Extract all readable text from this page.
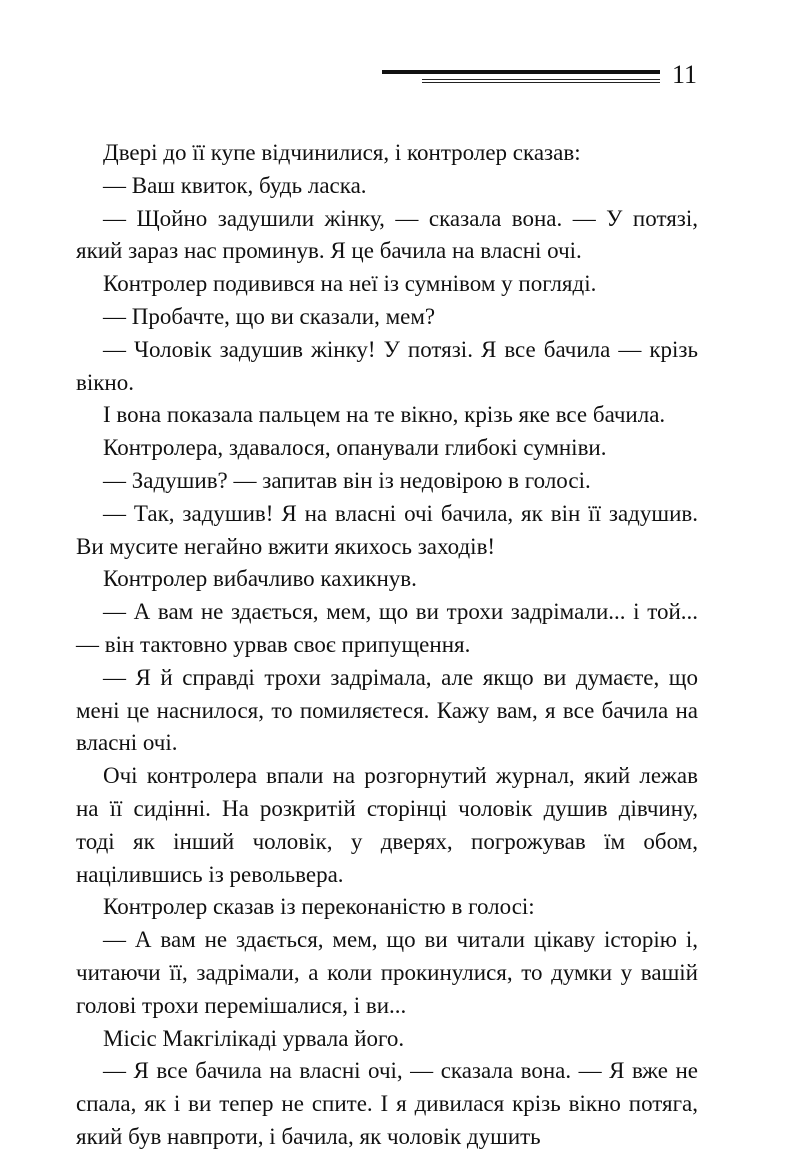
11

Двері до її купе відчинилися, і контролер сказав:

— Ваш квиток, будь ласка.

— Щойно задушили жінку, — сказала вона. — У потязі, який зараз нас проминув. Я це бачила на власні очі.

Контролер подивився на неї із сумнівом у погляді.

— Пробачте, що ви сказали, мем?

— Чоловік задушив жінку! У потязі. Я все бачила — крізь вікно.

І вона показала пальцем на те вікно, крізь яке все бачила.

Контролера, здавалося, опанували глибокі сумніви.

— Задушив? — запитав він із недовірою в голосі.

— Так, задушив! Я на власні очі бачила, як він її задушив. Ви мусите негайно вжити якихось заходів!

Контролер вибачливо кахикнув.

— А вам не здається, мем, що ви трохи задрімали... і той... — він тактовно урвав своє припущення.

— Я й справді трохи задрімала, але якщо ви думаєте, що мені це наснилося, то помиляєтеся. Кажу вам, я все бачила на власні очі.

Очі контролера впали на розгорнутий журнал, який лежав на її сидінні. На розкритій сторінці чоловік душив дівчину, тоді як інший чоловік, у дверях, погрожував їм обом, націлившись із револьвера.

Контролер сказав із переконаністю в голосі:

— А вам не здається, мем, що ви читали цікаву історію і, читаючи її, задрімали, а коли прокинулися, то думки у вашій голові трохи перемішалися, і ви...

Місіс Макгілікаді урвала його.

— Я все бачила на власні очі, — сказала вона. — Я вже не спала, як і ви тепер не спите. І я дивилася крізь вікно потяга, який був навпроти, і бачила, як чоловік душить
